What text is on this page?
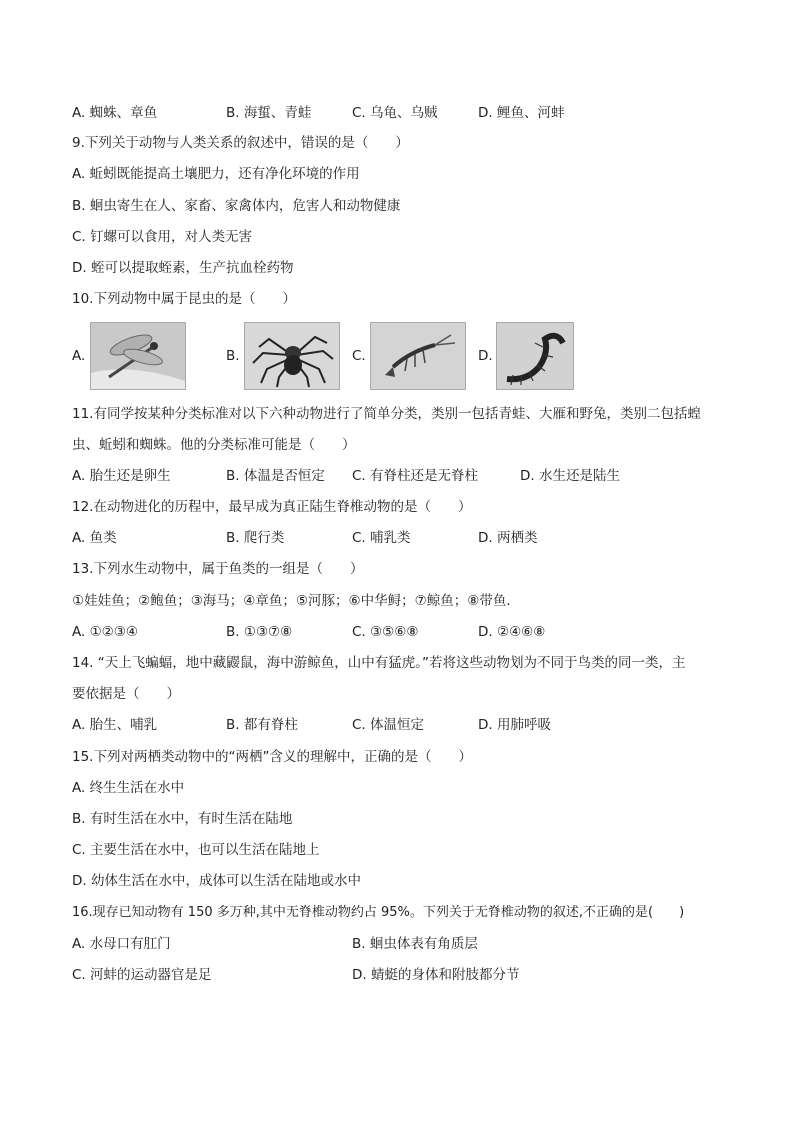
A. 蜘蛛、章鱼	B. 海蜇、青蛙	C. 乌龟、乌贼	D. 鲤鱼、河蚌
9.下列关于动物与人类关系的叙述中，错误的是（　　）
A. 蚯蚓既能提高土壤肥力，还有净化环境的作用
B. 蛔虫寄生在人、家畜、家禽体内，危害人和动物健康
C. 钉螺可以食用，对人类无害
D. 蛭可以提取蛭素，生产抗血栓药物
10.下列动物中属于昆虫的是（　　）
A.	B.	C.	D.
11.有同学按某种分类标准对以下六种动物进行了简单分类，类别一包括青蛙、大雁和野兔，类别二包括蝗
虫、蚯蚓和蜘蛛。他的分类标准可能是（　　）
A. 胎生还是卵生	B. 体温是否恒定 C. 有脊柱还是无脊柱	D. 水生还是陆生
12.在动物进化的历程中，最早成为真正陆生脊椎动物的是（　　）
A. 鱼类	B. 爬行类	C. 哺乳类	D. 两栖类
13.下列水生动物中，属于鱼类的一组是（　　）
①娃娃鱼；②鲍鱼；③海马；④章鱼；⑤河豚；⑥中华鲟；⑦鲸鱼；⑧带鱼．
A. ①②③④	B. ①③⑦⑧	C. ③⑤⑥⑧	D. ②④⑥⑧
14. “天上飞蝙蝠，地中藏鼹鼠，海中游鲸鱼，山中有猛虎。”若将这些动物划为不同于鸟类的同一类，主
要依据是（　　）
A. 胎生、哺乳	B. 都有脊柱	C. 体温恒定	D. 用肺呼吸
15.下列对两栖类动物中的“两栖”含义的理解中，正确的是（　　）
A. 终生生活在水中
B. 有时生活在水中，有时生活在陆地
C. 主要生活在水中，也可以生活在陆地上
D. 幼体生活在水中，成体可以生活在陆地或水中
16.现存已知动物有 150 多万种,其中无脊椎动物约占 95%。下列关于无脊椎动物的叙述,不正确的是(　　)
A. 水母口有肛门	B. 蛔虫体表有角质层
C. 河蚌的运动器官是足	D. 蜻蜓的身体和附肢都分节
